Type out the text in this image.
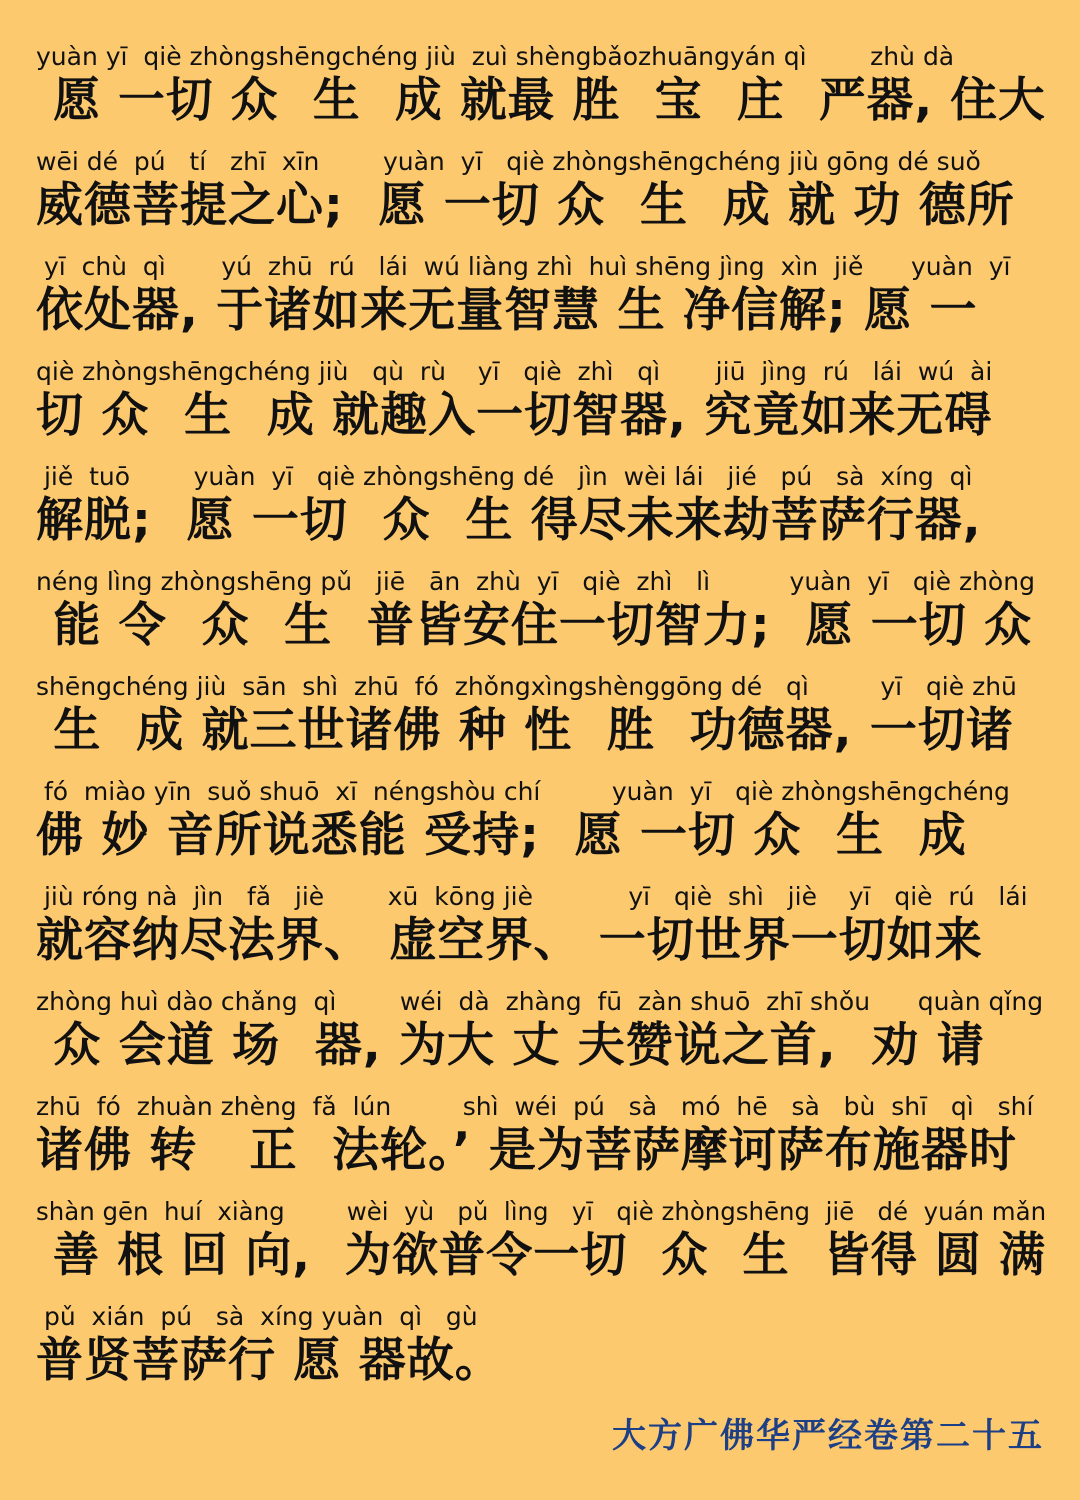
yuàn yī  qiè zhòngshēngchéng jiù  zuì shèngbǎozhuāngyán qì        zhù dà
愿 一切 众  生  成 就最 胜  宝  庄  严器, 住大
wēi dé  pú   tí   zhī  xīn        yuàn  yī   qiè zhòngshēngchéng jiù gōng dé suǒ
威德菩提之心;  愿 一切 众  生  成 就 功 德所
yī  chù  qì       yú  zhū  rú   lái  wú liàng zhì  huì shēng jìng  xìn  jiě      yuàn  yī
依处器, 于诸如来无量智慧 生 净信解; 愿 一
qiè zhòngshēngchéng jiù   qù  rù    yī   qiè  zhì   qì       jiū  jìng  rú   lái  wú  ài
切 众  生  成 就趣入一切智器, 究竟如来无碍
jiě  tuō        yuàn  yī   qiè zhòngshēng dé   jìn  wèi lái   jié   pú   sà  xíng  qì
解脱;  愿 一切  众  生 得尽未来劫菩萨行器,
néng lìng zhòngshēng pǔ   jiē   ān  zhù  yī   qiè  zhì   lì          yuàn  yī   qiè zhòng
能 令  众  生  普皆安住一切智力;  愿 一切 众
shēngchéng jiù  sān  shì  zhū  fó  zhǒngxìngshènggōng dé   qì         yī   qiè zhū
生  成 就三世诸佛 种 性  胜  功德器, 一切诸
fó  miào yīn  suǒ shuō  xī  néngshòu chí         yuàn  yī   qiè zhòngshēngchéng
佛 妙 音所说悉能 受持;  愿 一切 众  生  成
jiù róng nà  jìn   fǎ   jiè        xū  kōng jiè            yī   qiè  shì   jiè    yī   qiè  rú   lái
就容纳尽法界、 虚空界、 一切世界一切如来
zhòng huì dào chǎng  qì        wéi  dà  zhàng  fū  zàn shuō  zhī shǒu      quàn qǐng
众 会道 场  器, 为大 丈 夫赞说之首,  劝 请
zhū  fó  zhuàn zhèng  fǎ  lún         shì  wéi  pú   sà   mó  hē   sà   bù  shī   qì   shí
诸佛 转   正  法轮。’ 是为菩萨摩诃萨布施器时
shàn gēn  huí  xiàng        wèi  yù   pǔ  lìng   yī   qiè zhòngshēng  jiē   dé  yuán mǎn
善 根 回 向,  为欲普令一切  众  生  皆得 圆 满
pǔ  xián  pú   sà  xíng yuàn  qì   gù
普贤菩萨行 愿 器故。
大方广佛华严经卷第二十五
